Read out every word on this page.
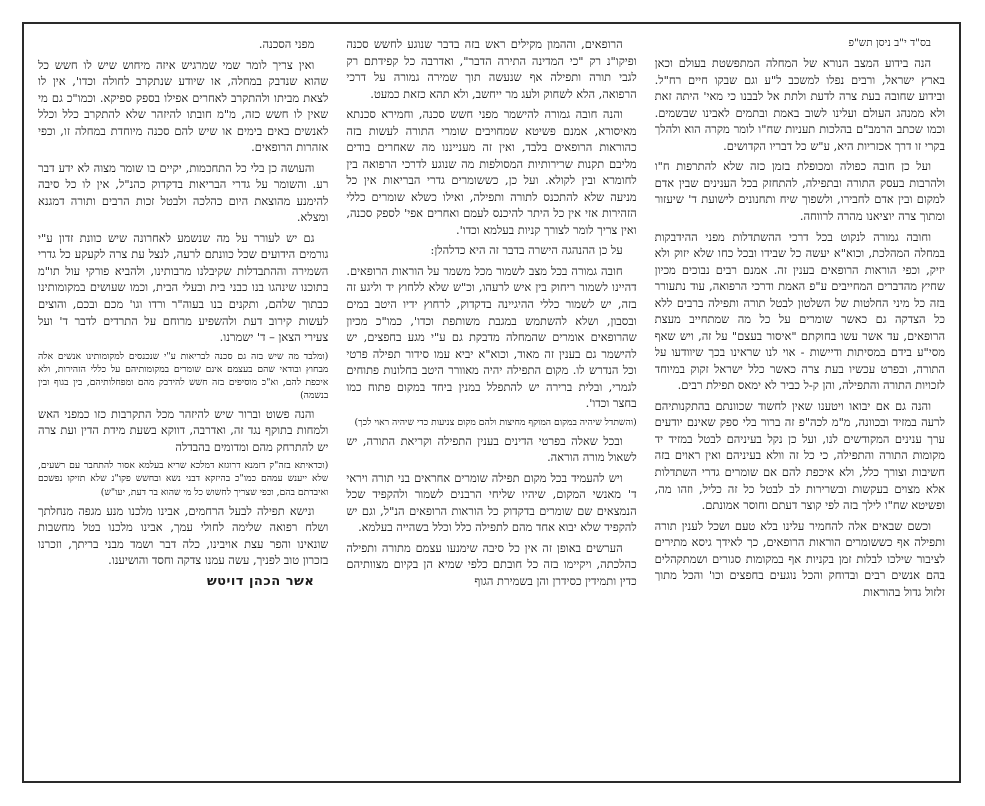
בס"ד י"ב ניסן תש"פ

הנה בידוע המצב הנורא של המחלה המתפשטת בעולם וכאן בארץ ישראל, ורבים נפלו למשכב ל"ע וגם שבקו חיים רח"ל. ובידוע שחובה בעת צרה לדעת ולתת אל לבבנו כי מאי' היתה זאת ולא ממנהג העולם ועלינו לשוב באמת ובתמים לאבינו שבשמים. וכמו שכתב הרמב"ם בהלכות תעניות שח"ו לומר מקרה הוא ולהלך בקרי זו דרך אכזריות היא, ע"ש כל דבריו הקדושים.

ועל כן חובה כפולה ומכופלת בזמן כזה שלא להתרפות ח"ו ולהרבות בעסק התורה ובתפילה, להתחזק בכל הענינים שבין אדם למקום ובין אדם לחבירו, ולשפוך שיח ותחנונים לישועת ד' שיעזור ומתוך צרה יוציאנו מהרה לרווחה.

וחובה גמורה לנקוט בכל דרכי ההשתדלות מפני ההידבקות במחלה המהלכת, וכוא"א יעשה כל שבידו ובכל כחו שלא יזוק ולא יזיק, וכפי הוראות הרופאים בענין זה. אמנם רבים נבוכים מכיון שחיץ מהדברים המחייבים ע"פ האמת ודרכי הרפואה, עוד נתעורר בזה כל מיני החלטות של השלטון לבטל תורה ותפילה ברבים ללא כל הצדקה גם כאשר שומרים על כל מה שמתחייב מעצת הרופאים, עד אשר עשו בחוקתם "איסור בעצם" על זה, ויש שאף מסי"ע בידם במסיתות ודיישות - אוי לנו שראינו בכך שיוודעו על התורה, ובפרט עכשיו בעת צרה כאשר כלל ישראל זקוק במיוחד לזכויות התורה והתפילה, והן ק-ל כביר לא ימאס תפילת רבים.

והנה גם אם יבואו ויטענו שאין לחשוד שכוונתם בהתקנותיהם לרעה במזיד ובכוונה, מ"מ לכה"פ זה ברור בלי ספק שאינם יודעים ערך ענינים המקודשים לנו, ועל כן נקל בעיניהם לבטל במזיד יד מקומות התורה והתפילה, כי כל זה וולא בעיניהם ואין ראוים בזה חשיבות וצורך כלל, ולא איכפת להם אם שומרים גדרי השתדלות אלא מצוים בעקשות ובשרירות לב לבטל כל זה כליל, וזהו מה, ופשיטא שח"ו לילך בזה לפי קוצר דעתם וחוסר אמונתם.

וכשם שבאים אלה להחמיר עלינו בלא טעם ושכל לענין תורה ותפילה אף כששומרים הוראות הרופאים, כך לאידך גיסא מתירים לציבור שילכו לבלות זמן בקניות אף במקומות סגורים ושמתקהלים בהם אנשים רבים ובדוחק והכל נוגעים בחפצים וכו' והכל מתוך זלזול גדול בהוראות

הרופאים, וההמון מקילים ראש בזה בדבר שנוגע לחשש סכנה ופיקו"נ רק "כי המדינה התירה הדבר", ואדרבה כל קפידתם רק לגבי תורה ותפילה אף שנעשה תוך שמירה גמורה על דרכי הרפואה, הלא לשחוק ולעג מר ייחשב, ולא תהא כזאת כמעט.

והנה חובה גמורה להישמר מפני חשש סכנה, וחמירא סכנתא מאיסורא, אמנם פשיטא שמחויבים שומרי התורה לעשות בזה כהוראות הרופאים בלבד, ואין זה מענייננו מה שאחרים בודים מליבם תקנות שרירותיות המסולפות מה שנוגע לדרכי הרפואה בין לחומרא ובין לקולא. ועל כן, כששומרים גדרי הבריאות אין כל מניעה שלא להתכנס לתורה ותפילה, ואילו כשלא שומרים כללי הזהירות אזי אין כל היתר להיכנס לעמם ואחרים אפי' לספק סכנה, ואין צריך לומר לצורך קניות בעלמא וכדו'.

על כן ההנהגה הישרה בדבר זה היא כדלהלן:

חובה גמורה בכל מצב לשמור מכל משמר על הוראות הרופאים. דהיינו לשמור ריחוק בין איש לרעהו, וכ"ש שלא ללחוץ יד וליגע זה בזה, יש לשמור כללי ההיגיינה בדקדוק, לרחוץ ידיו היטב במים ובסבון, ושלא להשתמש במגבת משותפת וכדו', כמו"כ מכיון שהרופאים אומרים שהמחלה מדבקת גם ע"י מגע בחפצים, יש להישמר גם בענין זה מאוד, וכוא"א יביא עמו סידור תפילה פרטי וכל הנדרש לו. מקום התפילה יהיה מאוורר היטב בחלונות פתוחים לגמרי, ובלית ברירה יש להתפלל במנין ביחד במקום פתוח כמו בחצר וכדו'.

(והשתדל שיהיה במקום המוקף מחיצות ולהם מקום צניעות כדי שיהיה ראוי לכך)

ובכל שאלה בפרטי הדינים בענין התפילה וקריאת התורה, יש לשאול מורה הוראה.

ויש להעמיד בכל מקום תפילה שומרים אחראים בני תורה ויראי ד' מאנשי המקום, שיהיו שליחי הרבנים לשמור ולהקפיד שכל הנמצאים שם שומרים בדקדוק כל הוראות הרופאים הנ"ל, וגם יש להקפיד שלא יבוא אחד מהם לתפילה כלל וכלל בשהייה בעלמא.

הערשים באופן זה אין כל סיבה שימנעו עצמם מתורה ותפילה כהלכתה, ויקיימו בזה כל חובתם כלפי שמיא הן בקיום מצוותיהם כדין ותמידין כסידרן והן בשמירת הגוף

מפני הסכנה.

ואין צריך לומר שמי שמרגיש איזה מיחוש שיש לו חשש כל שהוא שנדבק במחלה, או שיודע שנתקרב לחולה וכדו', אין לו לצאת מביתו ולהתקרב לאחרים אפילו בספק ספיקא. וכמו"כ גם מי שאין לו חשש כזה, מ"מ חובתו להיזהר שלא להתקרב כלל וכלל לאנשים באים בימים או שיש להם סכנה מיוחדת במחלה זו, וכפי אזהרות הרופאים.

והעושה כן בלי כל התחכמות, יקיים בו שומר מצוה לא ידע דבר רע. והשומר על גדרי הבריאות בדקדוק כהנ"ל, אין לו כל סיבה להימנע מהוצאת היום כהלכה ולבטל זכות הרבים ותורה דמגנא ומצלא.

גם יש לעורר על מה שנשמע לאחרונה שיש כוונת זדון ע"י גורמים הידועים שכל כוונתם לרעה, לנצל עת צרה לקעקע כל גדרי השמירה וההתבדלות שקיבלנו מרבותינו, ולהביא פורקי עול תו"מ בתוכנו שינהגו בנו כבני בית ובעלי הבית, וכמו שעושים במקומותינו כבתוך שלהם, ותקנים בנו בעוה"ר ורדו וגו' מכם ובכם, והוצים לעשות קירוב דעת ולהשפיע מרוחם על התרדים לדבר ד' ועל צעירי הצאן – ד' ישמרנו.

(ומלבד מה שיש בזה גם סכנה לבריאות ע"י שנכנסים למקומותינו אנשים אלה מבחוץ ובודאי שהם בעצמם אינם שומרים במקומותיהם על כללי הזהירות, ולא איכפת להם, וא"כ מוסיפים בזה חשש להידבק מהם ומפחלותיהם, בין בגוף ובין בנשמה)

והנה פשוט וברור שיש להיזהר מכל התקרבות כזו כמפני האש ולמחות בתוקף נגד זה, ואדרבה, דווקא בשעת מידת הדין ועת צרה יש להתרחק מהם ומדומים בהבדלה

(וכדאיתא בזה"ק דזמנא דרוגזא דמלכא שריא בעלמא אסור להתחבר עם רשעים, שלא ייענש עמהם כמו"כ בהיזקא דבני נשא ובחשש פקו"נ שלא תזיקו נפשכם ואיבדתם בהם, וכפי שצריך לחשוש כל מי שהוא בר דעת, יעו"ש)

ונישא תפילה לבעל הרחמים, אבינו מלכנו מנע מגפה מנחלתך ושלח רפואה שלימה לחולי עמך, אבינו מלכנו בטל מחשבות שונאינו והפר עצת אויבינו, כלה דבר ושמד מבני בריתך, וזכרנו בזכרון טוב לפניך, עשה עמנו צדקה וחסד והושיענו.

אשר הכהן דויטש
